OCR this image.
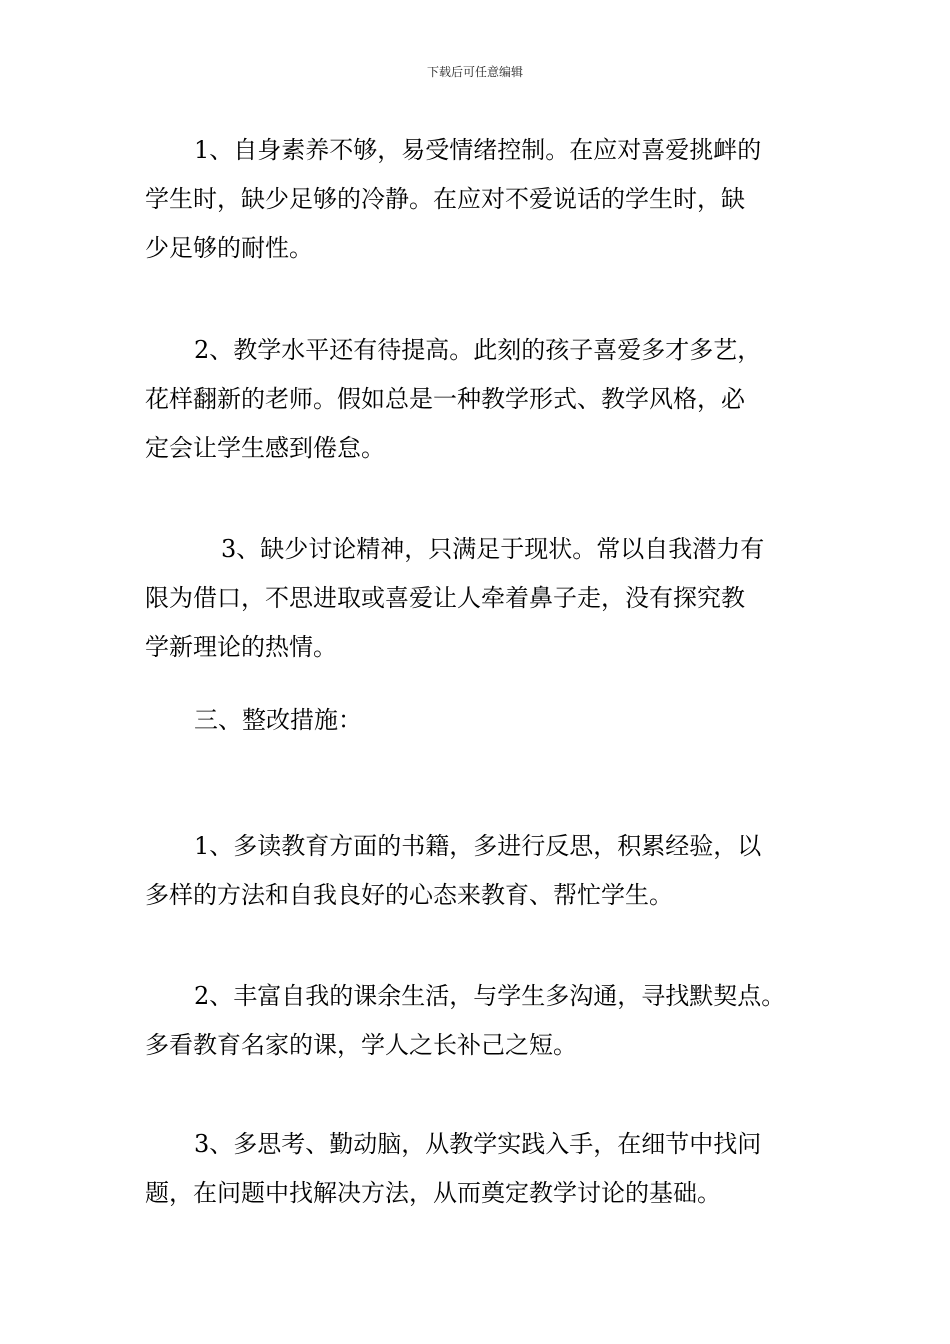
下载后可任意编辑
1、自身素养不够，易受情绪控制。在应对喜爱挑衅的
学生时，缺少足够的冷静。在应对不爱说话的学生时，缺
少足够的耐性。
2、教学水平还有待提高。此刻的孩子喜爱多才多艺，
花样翻新的老师。假如总是一种教学形式、教学风格，必
定会让学生感到倦怠。
3、缺少讨论精神，只满足于现状。常以自我潜力有
限为借口，不思进取或喜爱让人牵着鼻子走，没有探究教
学新理论的热情。
三、整改措施：
1、多读教育方面的书籍，多进行反思，积累经验，以
多样的方法和自我良好的心态来教育、帮忙学生。
2、丰富自我的课余生活，与学生多沟通，寻找默契点。
多看教育名家的课，学人之长补己之短。
3、多思考、勤动脑，从教学实践入手，在细节中找问
题，在问题中找解决方法，从而奠定教学讨论的基础。
